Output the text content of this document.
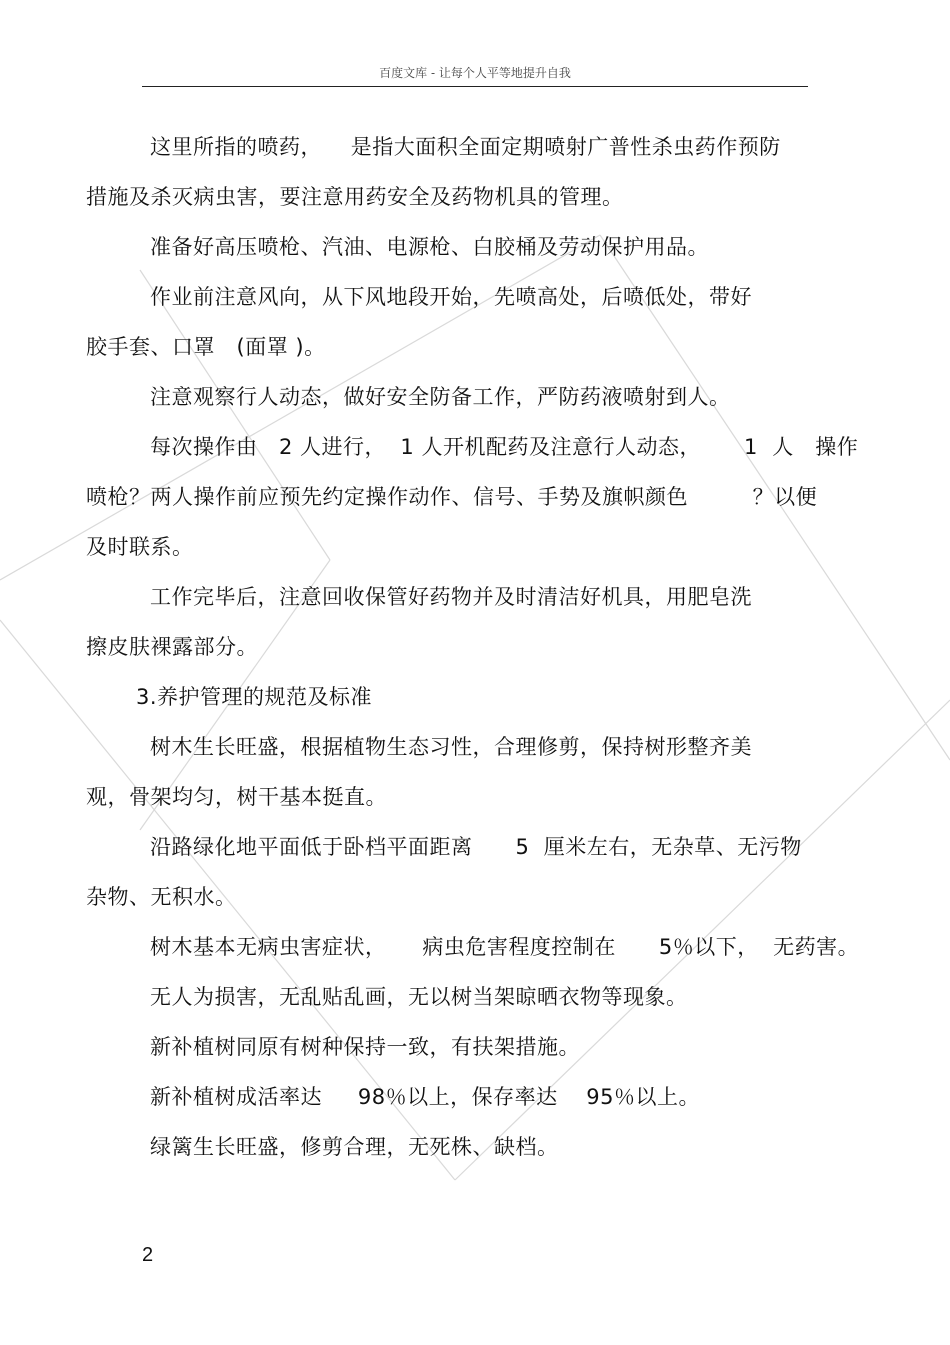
百度文库 - 让每个人平等地提升自我
这里所指的喷药，    是指大面积全面定期喷射广普性杀虫药作预防
措施及杀灭病虫害，要注意用药安全及药物机具的管理。
准备好高压喷枪、汽油、电源枪、白胶桶及劳动保护用品。
作业前注意风向，从下风地段开始，先喷高处，后喷低处，带好
胶手套、口罩   (面罩 )。
注意观察行人动态，做好安全防备工作，严防药液喷射到人。
每次操作由   2 人进行，  1 人开机配药及注意行人动态，      1  人   操作
喷枪？两人操作前应预先约定操作动作、信号、手势及旗帜颜色         ？以便
及时联系。
工作完毕后，注意回收保管好药物并及时清洁好机具，用肥皂洗
擦皮肤裸露部分。
3.养护管理的规范及标准
树木生长旺盛，根据植物生态习性，合理修剪，保持树形整齐美
观，骨架均匀，树干基本挺直。
沿路绿化地平面低于卧档平面距离      5  厘米左右，无杂草、无污物
杂物、无积水。
树木基本无病虫害症状，     病虫危害程度控制在      5％以下，  无药害。
无人为损害，无乱贴乱画，无以树当架晾晒衣物等现象。
新补植树同原有树种保持一致，有扶架措施。
新补植树成活率达     98％以上，保存率达    95％以上。
绿篱生长旺盛，修剪合理，无死株、缺档。
2
